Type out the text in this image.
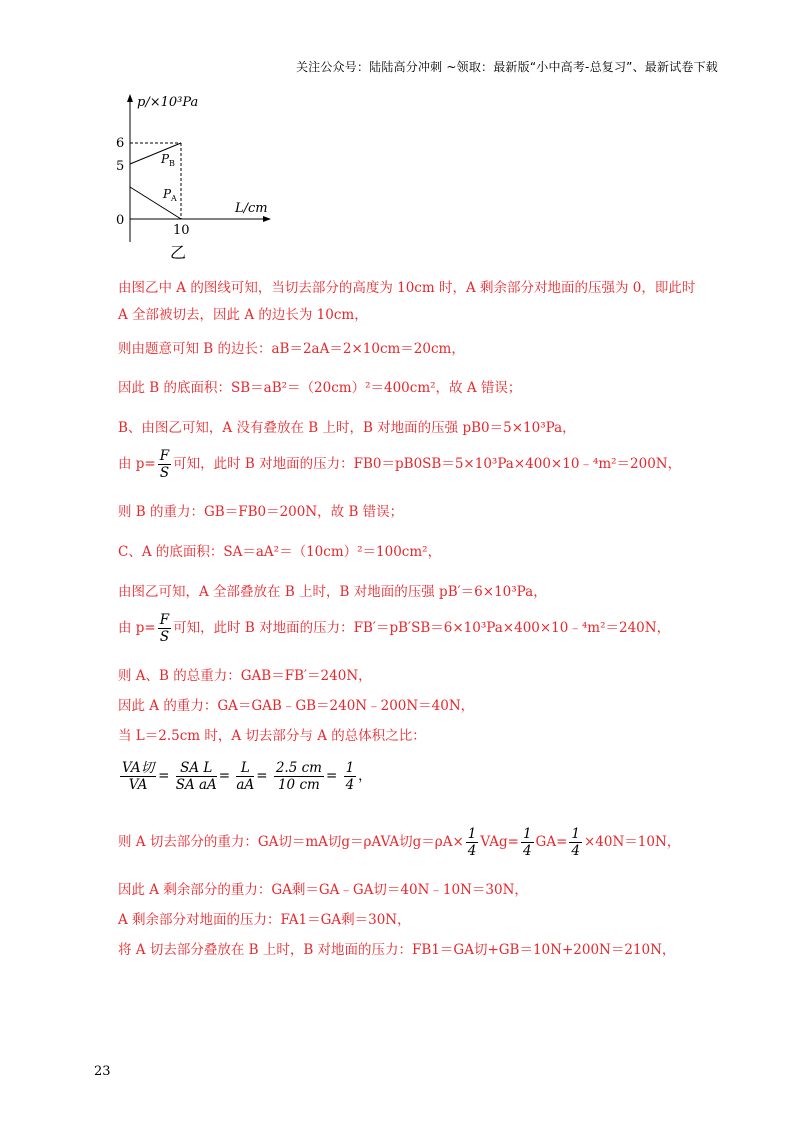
关注公众号：陆陆高分冲刺 ~领取：最新版“小中高考-总复习”、最新试卷下载
p/×10³Pa
6
5
0
10
L/cm
P B
P A
乙
由图乙中 A 的图线可知，当切去部分的高度为 10cm 时，A 剩余部分对地面的压强为 0，即此时
A 全部被切去，因此 A 的边长为 10cm，
则由题意可知 B 的边长：aB＝2aA＝2×10cm＝20cm，
因此 B 的底面积：SB＝aB²＝（20cm）²＝400cm²，故 A 错误；
B、由图乙可知，A 没有叠放在 B 上时，B 对地面的压强 pB0＝5×10³Pa，
由 $p= \frac{F}{S}$ 可知，此时 B 对地面的压力：FB0＝pB0SB＝5×10³Pa×400×10﹣⁴m²＝200N，
则 B 的重力：GB＝FB0＝200N，故 B 错误；
C、A 的底面积：SA＝aA²＝（10cm）²＝100cm²，
由图乙可知，A 全部叠放在 B 上时，B 对地面的压强 pB′＝6×10³Pa，
由 $p= \frac{F}{S}$ 可知，此时 B 对地面的压力：FB′＝pB′SB＝6×10³Pa×400×10﹣⁴m²＝240N，
则 A、B 的总重力：GAB＝FB′＝240N，
因此 A 的重力：GA＝GAB﹣GB＝240N﹣200N＝40N，
当 L＝2.5cm 时，A 切去部分与 A 的总体积之比：
$\frac{\text{VA切}}{VA} = \frac{\text{SA L}}{\text{SA aA}} = \frac{L}{aA} = \frac{2.5 cm}{10 cm} = \frac{1}{4}$ ，
则 A 切去部分的重力：GA切＝mA切g＝ρAVA切$g=\rho A\times \frac{1}{4} VAg= \frac{1}{4} GA= \frac{1}{4} \times 40N=10N$，
因此 A 剩余部分的重力：GA剩＝GA﹣GA切＝40N﹣10N＝30N，
A 剩余部分对地面的压力：FA1＝GA剩＝30N，
将 A 切去部分叠放在 B 上时，B 对地面的压力：FB1＝GA切+GB＝10N+200N＝210N，
23
